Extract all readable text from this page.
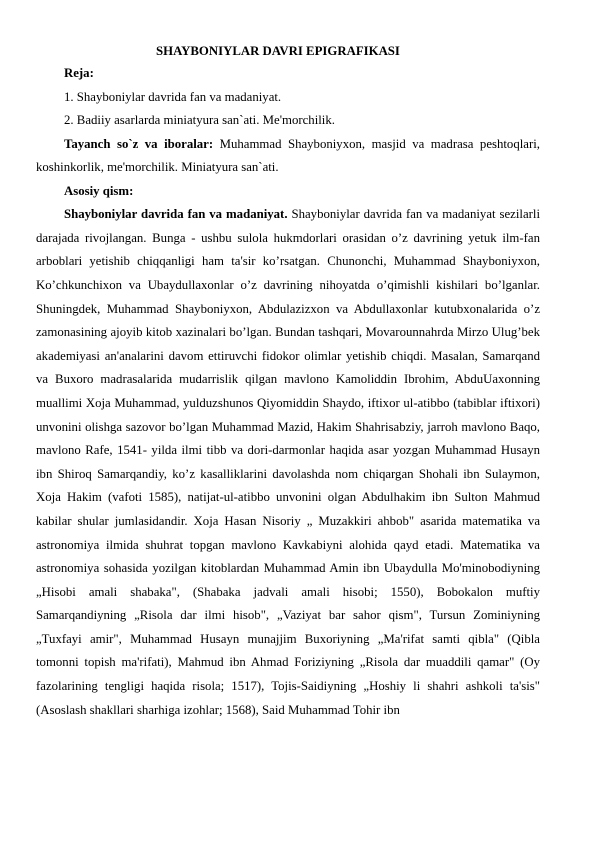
SHAYBONIYLAR DAVRI EPIGRAFIKASI

Reja:

1. Shayboniylar davrida fan va madaniyat.

2. Badiiy asarlarda miniatyura san`ati. Me'morchilik.

Tayanch so`z va iboralar: Muhammad Shayboniyxon, masjid va madrasa peshtoqlari, koshinkorlik, me'morchilik. Miniatyura san`ati.

Asosiy qism:

Shayboniylar davrida fan va madaniyat. Shayboniylar davrida fan va madaniyat sezilarli darajada rivojlangan. Bunga - ushbu sulola hukmdorlari orasidan o’z davrining yetuk ilm-fan arboblari yetishib chiqqanligi ham ta'sir ko’rsatgan. Chunonchi, Muhammad Shayboniyxon, Ko’chkunchixon va Ubaydullaxonlar o’z davrining nihoyatda o’qimishli kishilari bo’lganlar. Shuningdek, Muhammad Shayboniyxon, Abdulazizxon va Abdullaxonlar kutubxonalarida o’z zamonasining ajoyib kitob xazinalari bo’lgan. Bundan tashqari, Movarounnahrda Mirzo Ulug’bek akademiyasi an'analarini davom ettiruvchi fidokor olimlar yetishib chiqdi. Masalan, Samarqand va Buxoro madrasalarida mudarrislik qilgan mavlono Kamoliddin Ibrohim, AbduUaxonning muallimi Xoja Muhammad, yulduzshunos Qiyomiddin Shaydo, iftixor ul-atibbo (tabiblar iftixori) unvonini olishga sazovor bo’lgan Muhammad Mazid, Hakim Shahrisabziy, jarroh mavlono Baqo, mavlono Rafe, 1541- yilda ilmi tibb va dori-darmonlar haqida asar yozgan Muhammad Husayn ibn Shiroq Samarqandiy, ko’z kasalliklarini davolashda nom chiqargan Shohali ibn Sulaymon, Xoja Hakim (vafoti 1585), natijat-ul-atibbo unvonini olgan Abdulhakim ibn Sulton Mahmud kabilar shular jumlasidandir. Xoja Hasan Nisoriy „ Muzakkiri ahbob" asarida matematika va astronomiya ilmida shuhrat topgan mavlono Kavkabiyni alohida qayd etadi. Matematika va astronomiya sohasida yozilgan kitoblardan Muhammad Amin ibn Ubaydulla Mo'minobodiyning „Hisobi amali shabaka", (Shabaka jadvali amali hisobi; 1550), Bobokalon muftiy Samarqandiyning „Risola dar ilmi hisob", „Vaziyat bar sahor qism", Tursun Zominiyning „Tuxfayi amir", Muhammad Husayn munajjim Buxoriyning „Ma'rifat samti qibla" (Qibla tomonni topish ma'rifati), Mahmud ibn Ahmad Foriziyning „Risola dar muaddili qamar" (Oy fazolarining tengligi haqida risola; 1517), Tojis-Saidiyning „Hoshiy li shahri ashkoli ta'sis" (Asoslash shakllari sharhiga izohlar; 1568), Said Muhammad Tohir ibn
